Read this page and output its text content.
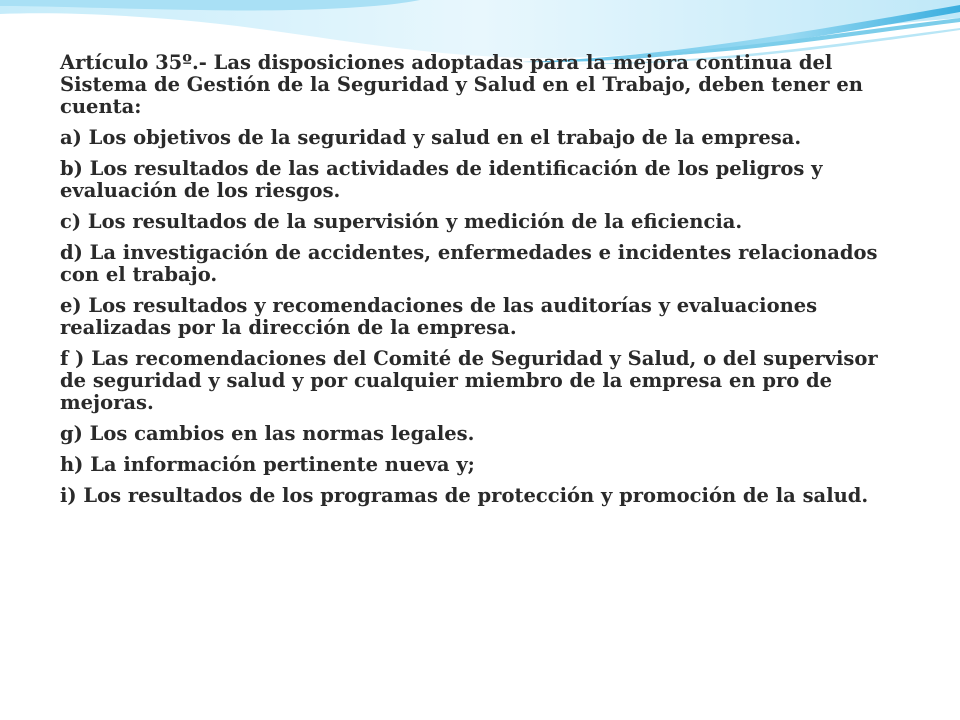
Artículo 35º.- Las disposiciones adoptadas para la mejora continua del Sistema de Gestión de la Seguridad y Salud en el Trabajo, deben tener en cuenta:

a) Los objetivos de la seguridad y salud en el trabajo de la empresa.

b) Los resultados de las actividades de identificación de los peligros y evaluación de los riesgos.

c) Los resultados de la supervisión y medición de la eficiencia.

d) La investigación de accidentes, enfermedades e incidentes relacionados con el trabajo.

e) Los resultados y recomendaciones de las auditorías y evaluaciones realizadas por la dirección de la empresa.

f ) Las recomendaciones del Comité de Seguridad y Salud, o del supervisor de seguridad y salud y por cualquier miembro de la empresa en pro de mejoras.

g) Los cambios en las normas legales.

h) La información pertinente nueva y;

i) Los resultados de los programas de protección y promoción de la salud.
